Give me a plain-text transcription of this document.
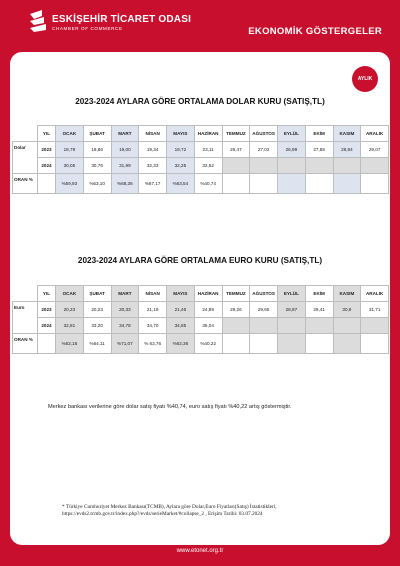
ESKİŞEHİR TİCARET ODASI
CHAMBER OF COMMERCE	EKONOMİK GÖSTERGELER
AYLIK
2023-2024 AYLARA GÖRE ORTALAMA DOLAR KURU (SATIŞ,TL)
	YIL	OCAK	ŞUBAT	MART	NİSAN	MAYIS	HAZİRAN	TEMMUZ	AĞUSTOS	EYLÜL	EKİM	KASIM	ARALIK
Dolar	2023	18,79	18,86	19,00	19,34	19,72	23,11	26,47	27,02	26,99	27,85	28,84	29,07
	2024	30,05	30,76	31,99	32,33	32,25	32,52						
ORAN %		%59,93	%63,10	%68,36	%67,17	%63,54	%40,74						
2023-2024 AYLARA GÖRE ORTALAMA EURO KURU (SATIŞ,TL)
	YIL	OCAK	ŞUBAT	MART	NİSAN	MAYIS	HAZİRAN	TEMMUZ	AĞUSTOS	EYLÜL	EKİM	KASIM	ARALIK
Euro	2023	20,23	20,23	20,33	21,19	21,46	24,99	29,26	29,65	28,87	29,41	30,9	31,71
	2024	32,81	33,20	34,78	34,70	34,85	35,04						
ORAN %		%62,18	%64,11	%71,07	% 63,76	%62,36	%40,22						
Merkez bankası verilerine göre dolar satış fiyatı %40,74, euro satış fiyatı %40,22 artış göstermiştir.
* Türkiye Cumhuriyet Merkez Bankası(TCMB), Aylara göre Dolar,Euro Fiyatları(Satış) İstatistikleri,
https://evds2.tcmb.gov.tr/index.php?/evds/serieMarket/#collapse_2 , Erişim Tarihi: 03.07.2024
www.etonet.org.tr
